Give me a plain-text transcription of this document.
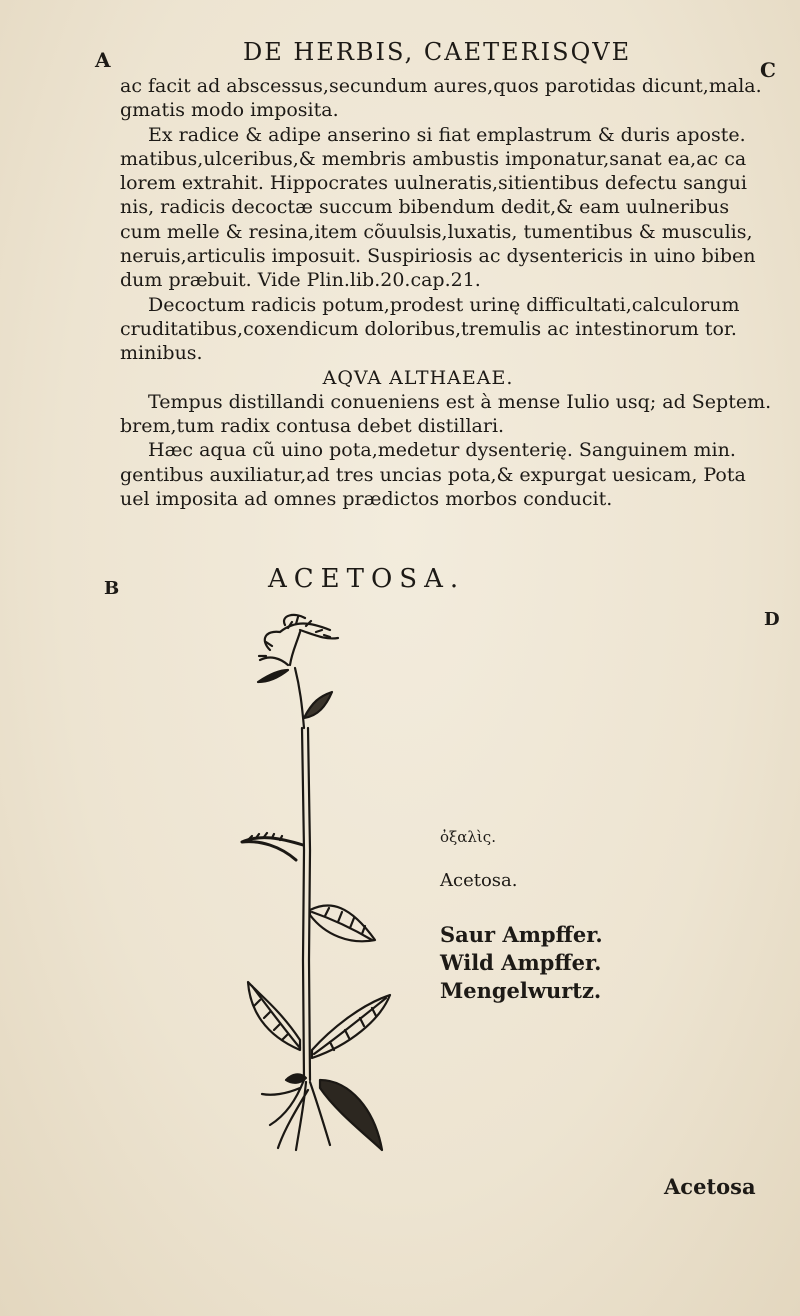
DE HERBIS, CAETERISQVE
A	C
B
D
ac facit ad abscessus,secundum aures,quos parotidas dicunt,mala.
gmatis modo imposita.
Ex radice & adipe anserino si fiat emplastrum & duris aposte.
matibus,ulceribus,& membris ambustis imponatur,sanat ea,ac ca
lorem extrahit. Hippocrates uulneratis,sitientibus defectu sangui
nis, radicis decoctæ succum bibendum dedit,& eam uulneribus
cum melle & resina,item cõuulsis,luxatis, tumentibus & musculis,
neruis,articulis imposuit. Suspiriosis ac dysentericis in uino biben
dum præbuit. Vide Plin.lib.20.cap.21.
Decoctum radicis potum,prodest urinę difficultati,calculorum
cruditatibus,coxendicum doloribus,tremulis ac intestinorum tor.
minibus.
AQVA ALTHAEAE.
Tempus distillandi conueniens est à mense Iulio usq; ad Septem.
brem,tum radix contusa debet distillari.
Hæc aqua cũ uino pota,medetur dysenterię. Sanguinem min.
gentibus auxiliatur,ad tres uncias pota,& expurgat uesicam, Pota
uel imposita ad omnes prædictos morbos conducit.
ACETOSA.
ὀξαλὶς.
Acetosa.
Saur Ampffer.
Wild Ampffer.
Mengelwurtz.
Acetosa
